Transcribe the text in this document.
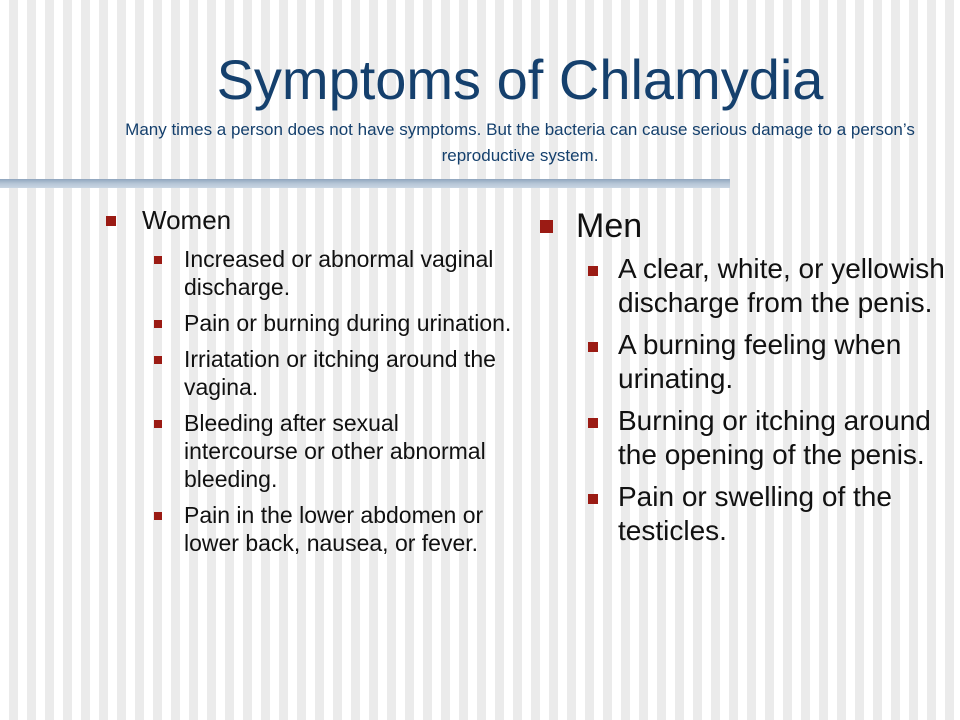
Symptoms of Chlamydia

Many times a person does not have symptoms. But the bacteria can cause serious damage to a person’s reproductive system.

Women

Increased or abnormal vaginal discharge.
Pain or burning during urination.
Irriatation or itching around the vagina.
Bleeding after sexual intercourse or other abnormal bleeding.
Pain in the lower abdomen or lower back, nausea, or fever.

Men

A clear, white, or yellowish discharge from the penis.
A burning feeling when urinating.
Burning or itching around the opening of the penis.
Pain or swelling of the testicles.
